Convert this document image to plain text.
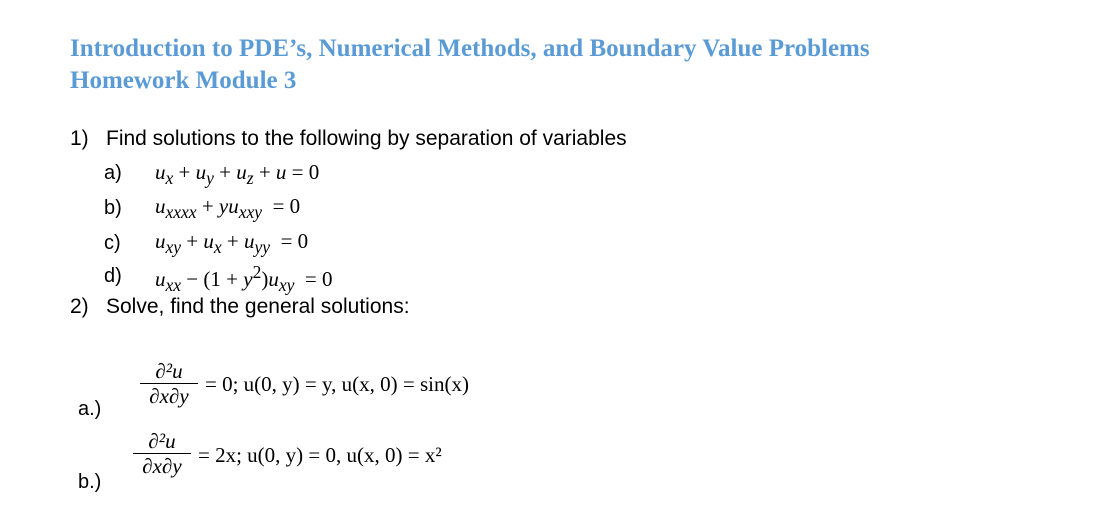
Introduction to PDE’s, Numerical Methods, and Boundary Value Problems
Homework Module 3
1) Find solutions to the following by separation of variables
a) $u_x + u_y + u_z + u = 0$
b) $u_{xxxx} + yu_{xxy} = 0$
c) $u_{xy} + u_x + u_{yy} = 0$
d) $u_{xx} - (1 + y^2)u_{xy} = 0$
2) Solve, find the general solutions:
∂²u
∂x∂y = 0; u(0, y) = y, u(x, 0) = sin(x)
a.)
∂²u
∂x∂y = 2x; u(0, y) = 0, u(x, 0) = x²
b.)
